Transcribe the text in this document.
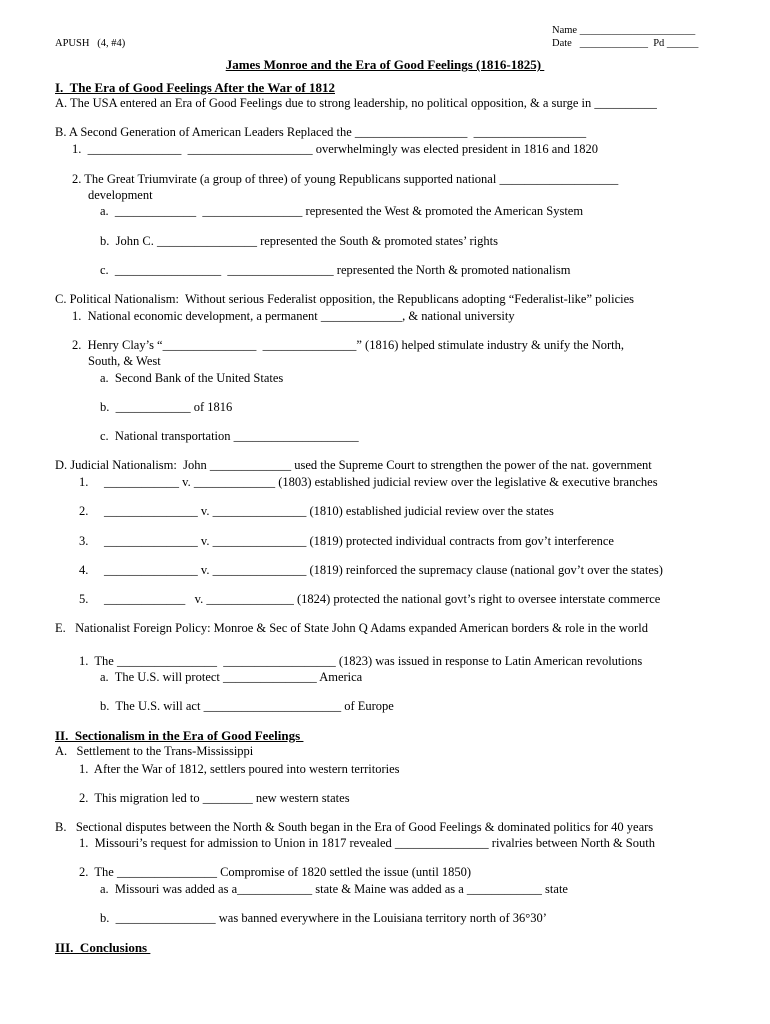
Name ______________________
APUSH   (4, #4)	Date   _____________  Pd ______
James Monroe and the Era of Good Feelings (1816-1825)
I.  The Era of Good Feelings After the War of 1812
A. The USA entered an Era of Good Feelings due to strong leadership, no political opposition, & a surge in __________
B. A Second Generation of American Leaders Replaced the __________________  __________________
1.  _______________  ____________________ overwhelmingly was elected president in 1816 and 1820
2. The Great Triumvirate (a group of three) of young Republicans supported national ___________________
development
a.  _____________  ________________ represented the West & promoted the American System
b.  John C. ________________ represented the South & promoted states’ rights
c.  _________________  _________________ represented the North & promoted nationalism
C. Political Nationalism:  Without serious Federalist opposition, the Republicans adopting “Federalist-like” policies
1.  National economic development, a permanent _____________, & national university
2.  Henry Clay’s “_______________  _______________” (1816) helped stimulate industry & unify the North,
South, & West
a.  Second Bank of the United States
b.  ____________ of 1816
c.  National transportation ____________________
D. Judicial Nationalism:  John _____________ used the Supreme Court to strengthen the power of the nat. government
1.     ____________ v. _____________ (1803) established judicial review over the legislative & executive branches
2.     _______________ v. _______________ (1810) established judicial review over the states
3.     _______________ v. _______________ (1819) protected individual contracts from gov’t interference
4.     _______________ v. _______________ (1819) reinforced the supremacy clause (national gov’t over the states)
5.     _____________   v. ______________ (1824) protected the national govt’s right to oversee interstate commerce
E.   Nationalist Foreign Policy: Monroe & Sec of State John Q Adams expanded American borders & role in the world
1.  The ________________  __________________ (1823) was issued in response to Latin American revolutions
a.  The U.S. will protect _______________ America
b.  The U.S. will act ______________________ of Europe
II.  Sectionalism in the Era of Good Feelings
A.   Settlement to the Trans-Mississippi
1.  After the War of 1812, settlers poured into western territories
2.  This migration led to ________ new western states
B.   Sectional disputes between the North & South began in the Era of Good Feelings & dominated politics for 40 years
1.  Missouri’s request for admission to Union in 1817 revealed _______________ rivalries between North & South
2.  The ________________ Compromise of 1820 settled the issue (until 1850)
a.  Missouri was added as a____________ state & Maine was added as a ____________ state
b.  ________________ was banned everywhere in the Louisiana territory north of 36°30’
III.  Conclusions
